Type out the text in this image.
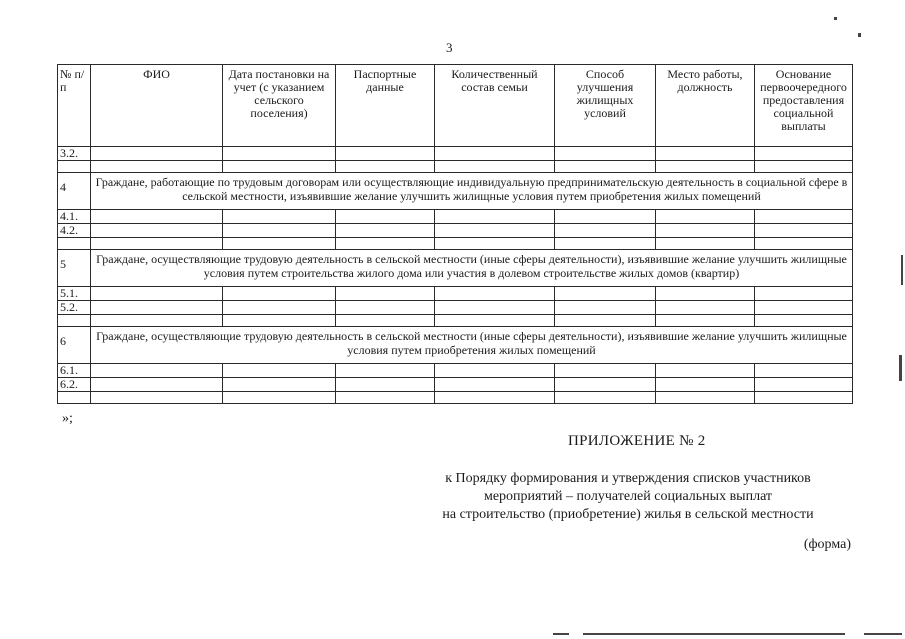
3
№ п/п	ФИО	Дата постановки на учет (с указанием сельского поселения)	Паспортные данные	Количественный состав семьи	Способ улучшения жилищных условий	Место работы, должность	Основание первоочередного предоставления социальной выплаты
3.2.							

4	Граждане, работающие по трудовым договорам или осуществляющие индивидуальную предпринимательскую деятельность в социальной сфере в сельской местности, изъявившие желание улучшить жилищные условия путем приобретения жилых помещений						
4.1.							
4.2.							

5	Граждане, осуществляющие трудовую деятельность в сельской местности (иные сферы деятельности), изъявившие желание улучшить жилищные условия путем строительства жилого дома или участия в долевом строительстве жилых домов (квартир)						
5.1.							
5.2.							

6	Граждане, осуществляющие трудовую деятельность в сельской местности (иные сферы деятельности), изъявившие желание улучшить жилищные условия путем приобретения жилых помещений						
6.1.							
6.2.							

»;
ПРИЛОЖЕНИЕ № 2
к Порядку формирования и утверждения списков участников
мероприятий – получателей социальных выплат
на строительство (приобретение) жилья в сельской местности
(форма)
